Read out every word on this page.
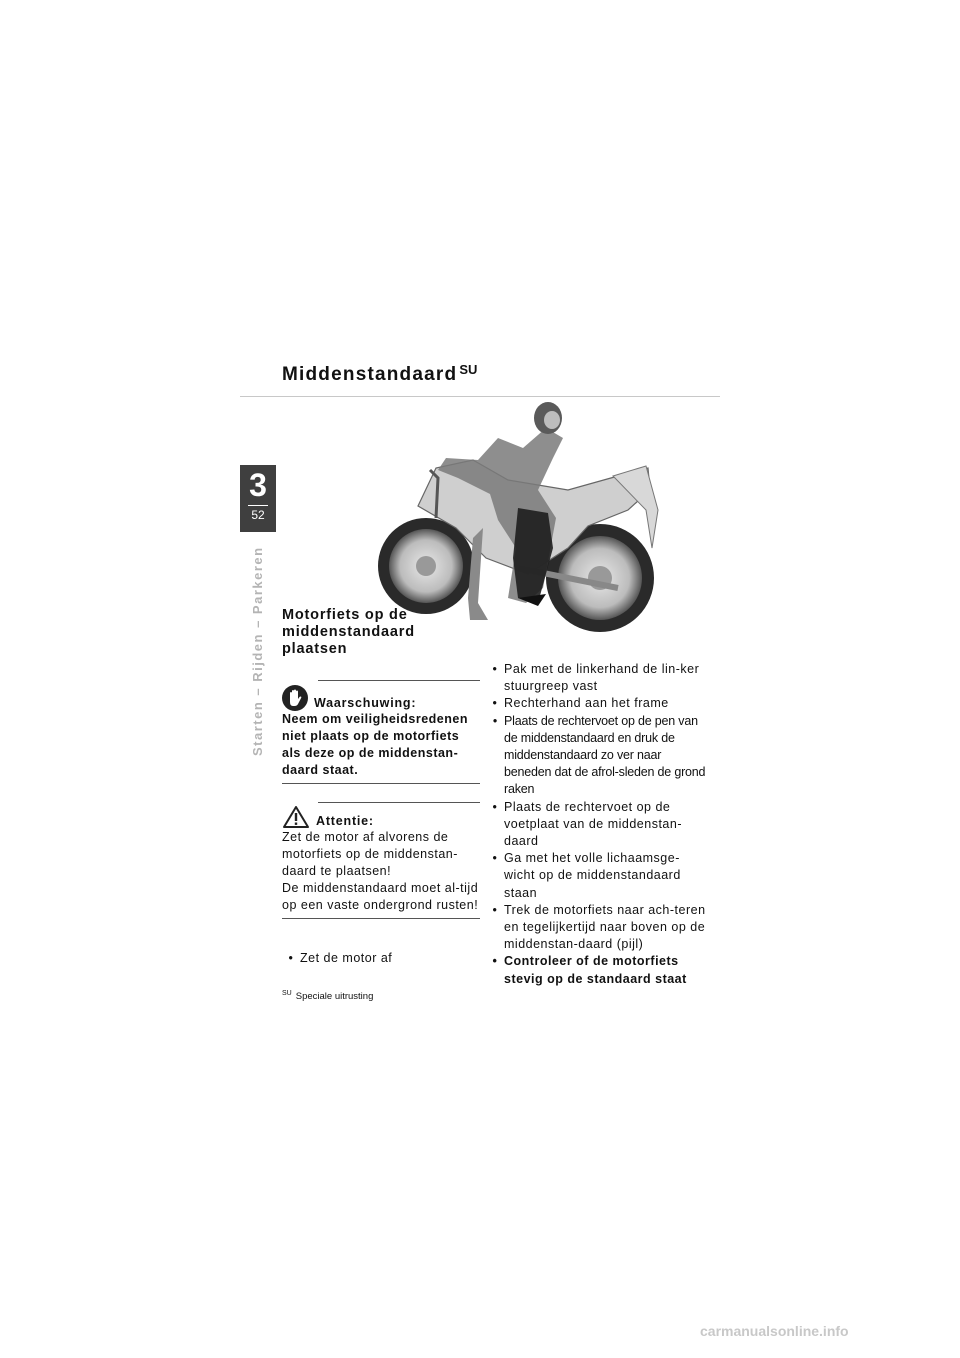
Middenstandaard $^{SU}$
3
52
Starten – Rijden – Parkeren Motorfiets op de middenstandaard plaatsen
Waarschuwing:
Neem om veiligheidsredenen niet plaats op de motorfiets als deze op de middenstan-daard staat.
Attentie:
Zet de motor af alvorens de motorfiets op de middenstan-daard te plaatsen!
De middenstandaard moet al-tijd op een vaste ondergrond rusten!
• Zet de motor af
$^{SU}$ Speciale uitrusting
• Pak met de linkerhand de lin-ker stuurgreep vast
• Rechterhand aan het frame
• Plaats de rechtervoet op de pen van de middenstandaard en druk de middenstandaard zo ver naar beneden dat de afrol-sleden de grond raken
• Plaats de rechtervoet op de voetplaat van de middenstan-daard
• Ga met het volle lichaamsge-wicht op de middenstandaard staan
• Trek de motorfiets naar ach-teren en tegelijkertijd naar boven op de middenstan-daard (pijl)
• Controleer of de motorfiets stevig op de standaard staat
carmanualsonline.info
